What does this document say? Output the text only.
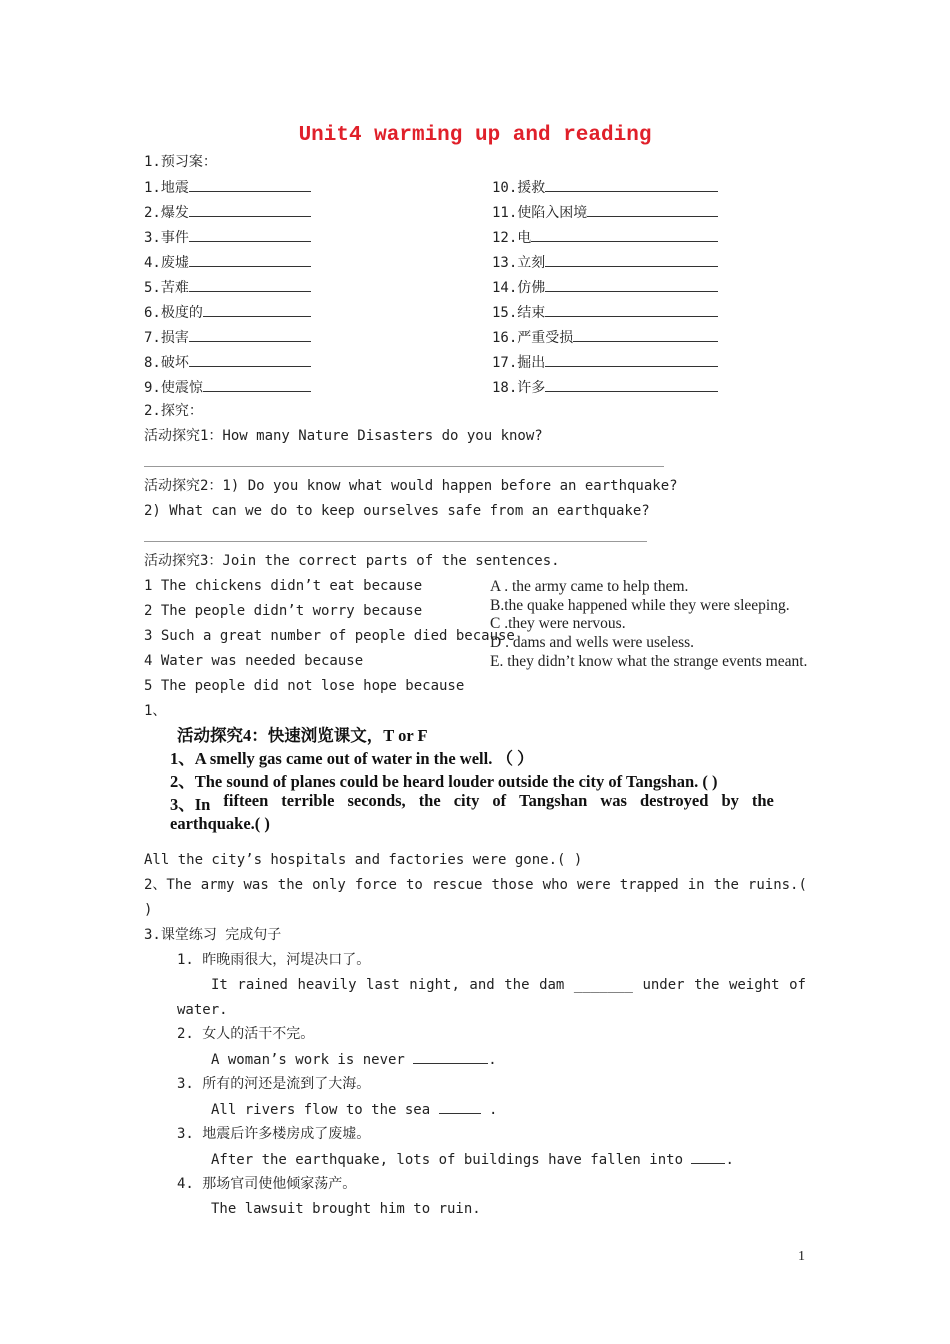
Unit4 warming up and reading
1.预习案：
1.地震
2.爆发
3.事件
4.废墟
5.苦难
6.极度的
7.损害
8.破坏
9.使震惊
10.援救
11.使陷入困境
12.电
13.立刻
14.仿佛
15.结束
16.严重受损
17.掘出
18.许多
2.探究：
活动探究1：How many Nature Disasters do you know?
活动探究2：1) Do you know what would happen before an earthquake?
2) What can we do to keep ourselves safe from an earthquake?
活动探究3：Join the correct parts of the sentences.
1 The chickens didn’t eat because
2 The people didn’t worry because
3 Such a great number of people died because
4 Water was needed because
5 The people did not lose hope because
A . the army came to help them.
B.the quake happened while they were sleeping.
C .they were nervous.
D . dams and wells were useless.
E. they didn’t know what the strange events meant.
1、
活动探究4：快速浏览课文，T or F
1、A smelly gas came out of water in the well. （ ）
2、The sound of planes could be heard louder outside the city of Tangshan. ( )
3、In fifteen terrible seconds, the city of Tangshan was destroyed by the
earthquake.( )
All the city’s hospitals and factories were gone.( )
2、The army was the only force to rescue those who were trapped in the ruins.(
)
3.课堂练习 完成句子
1. 昨晚雨很大，河堤决口了。
It rained heavily last night, and the dam _______ under the weight of
water.
2. 女人的活干不完。
A woman’s work is never	.
3. 所有的河还是流到了大海。
All rivers flow to the sea	.
3. 地震后许多楼房成了废墟。
After the earthquake, lots of buildings have fallen into .
4. 那场官司使他倾家荡产。
The lawsuit brought him to ruin.
1
